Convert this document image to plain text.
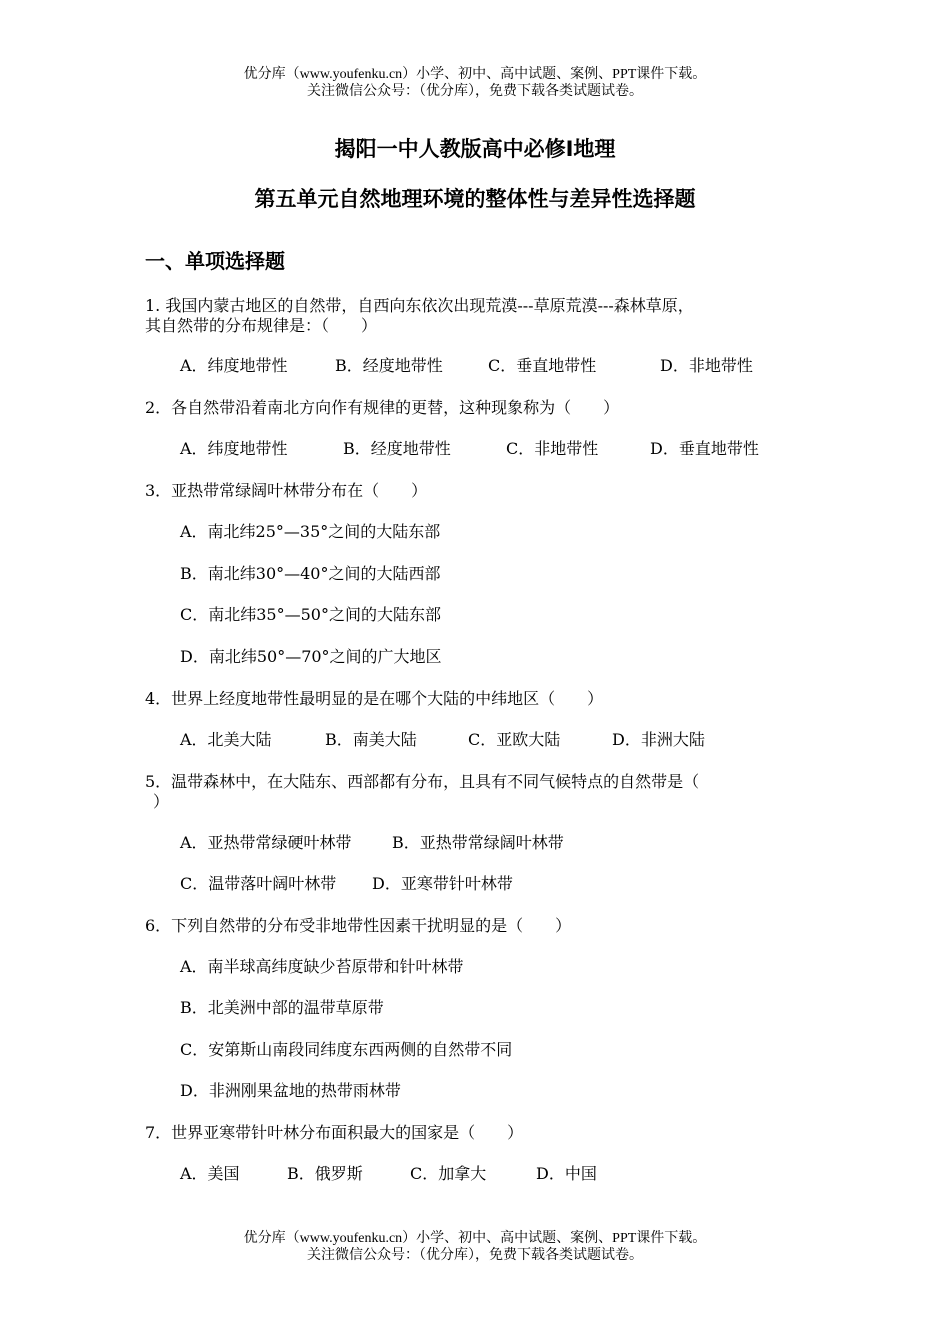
优分库（www.youfenku.cn）小学、初中、高中试题、案例、PPT课件下载。
关注微信公众号：（优分库），免费下载各类试题试卷。
揭阳一中人教版高中必修I地理
第五单元自然地理环境的整体性与差异性选择题
一、单项选择题
1. 我国内蒙古地区的自然带，自西向东依次出现荒漠---草原荒漠---森林草原，
其自然带的分布规律是：（　　）
A．纬度地带性	B．经度地带性	C．垂直地带性	D．非地带性
2．各自然带沿着南北方向作有规律的更替，这种现象称为（　　）
A．纬度地带性	B．经度地带性	C．非地带性	D．垂直地带性
3．亚热带常绿阔叶林带分布在（　　）
A．南北纬25°—35°之间的大陆东部
B．南北纬30°—40°之间的大陆西部
C．南北纬35°—50°之间的大陆东部
D．南北纬50°—70°之间的广大地区
4．世界上经度地带性最明显的是在哪个大陆的中纬地区（　　）
A．北美大陆	B．南美大陆	C．亚欧大陆	D．非洲大陆
5．温带森林中，在大陆东、西部都有分布，且具有不同气候特点的自然带是（
）
A．亚热带常绿硬叶林带	B．亚热带常绿阔叶林带
C．温带落叶阔叶林带 D．亚寒带针叶林带
6．下列自然带的分布受非地带性因素干扰明显的是（　　）
A．南半球高纬度缺少苔原带和针叶林带
B．北美洲中部的温带草原带
C．安第斯山南段同纬度东西两侧的自然带不同
D．非洲刚果盆地的热带雨林带
7．世界亚寒带针叶林分布面积最大的国家是（　　）
A．美国	B．俄罗斯	C．加拿大	D．中国
优分库（www.youfenku.cn）小学、初中、高中试题、案例、PPT课件下载。
关注微信公众号：（优分库），免费下载各类试题试卷。
